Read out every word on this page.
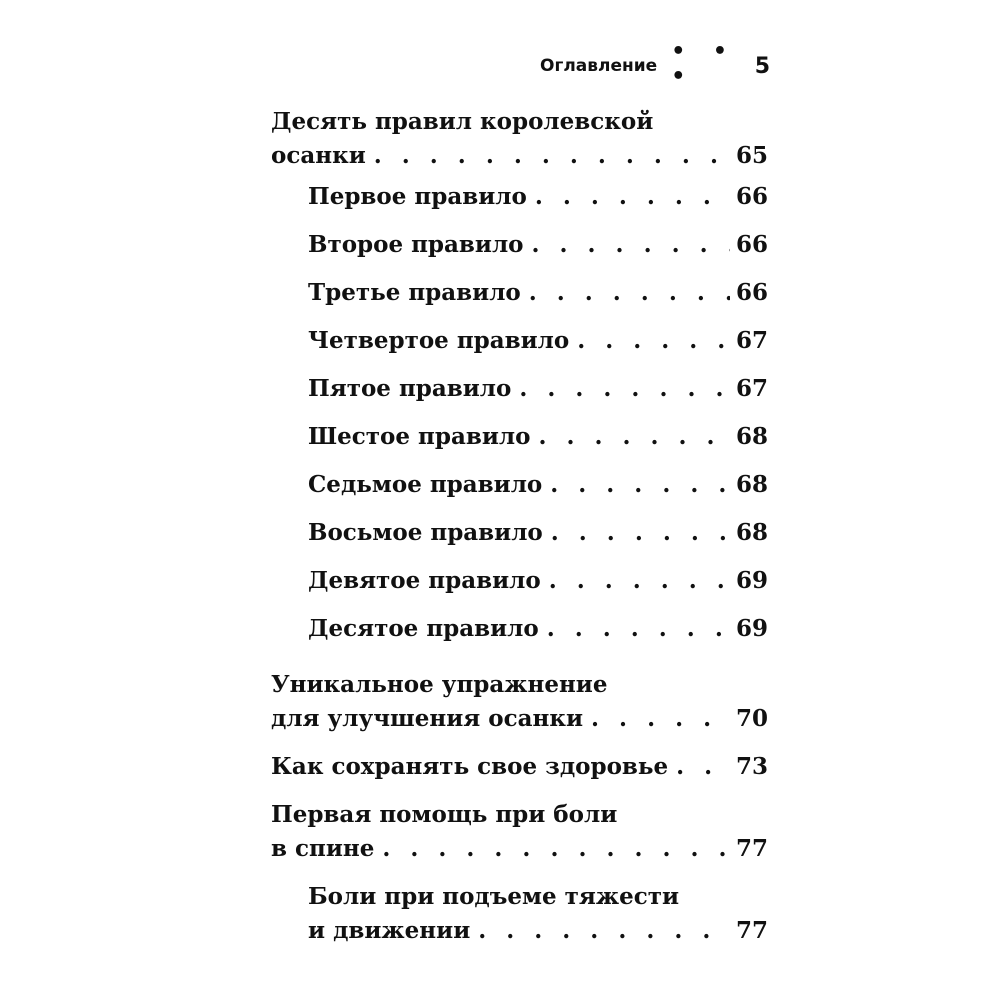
Оглавление
• • •	5
Десять правил королевской
осанки . . .	65
Первое правило . . .	66
Второе правило . . .	66
Третье правило . . .	66
Четвертое правило . . .	67
Пятое правило . . .	67
Шестое правило . . .	68
Седьмое правило . . .	68
Восьмое правило . . .	68
Девятое правило . . .	69
Десятое правило . . .	69
Уникальное упражнение
для улучшения осанки . . .	70
Как сохранять свое здоровье . . .	73
Первая помощь при боли
в спине . . .	77
Боли при подъеме тяжести
и движении . . .	77
